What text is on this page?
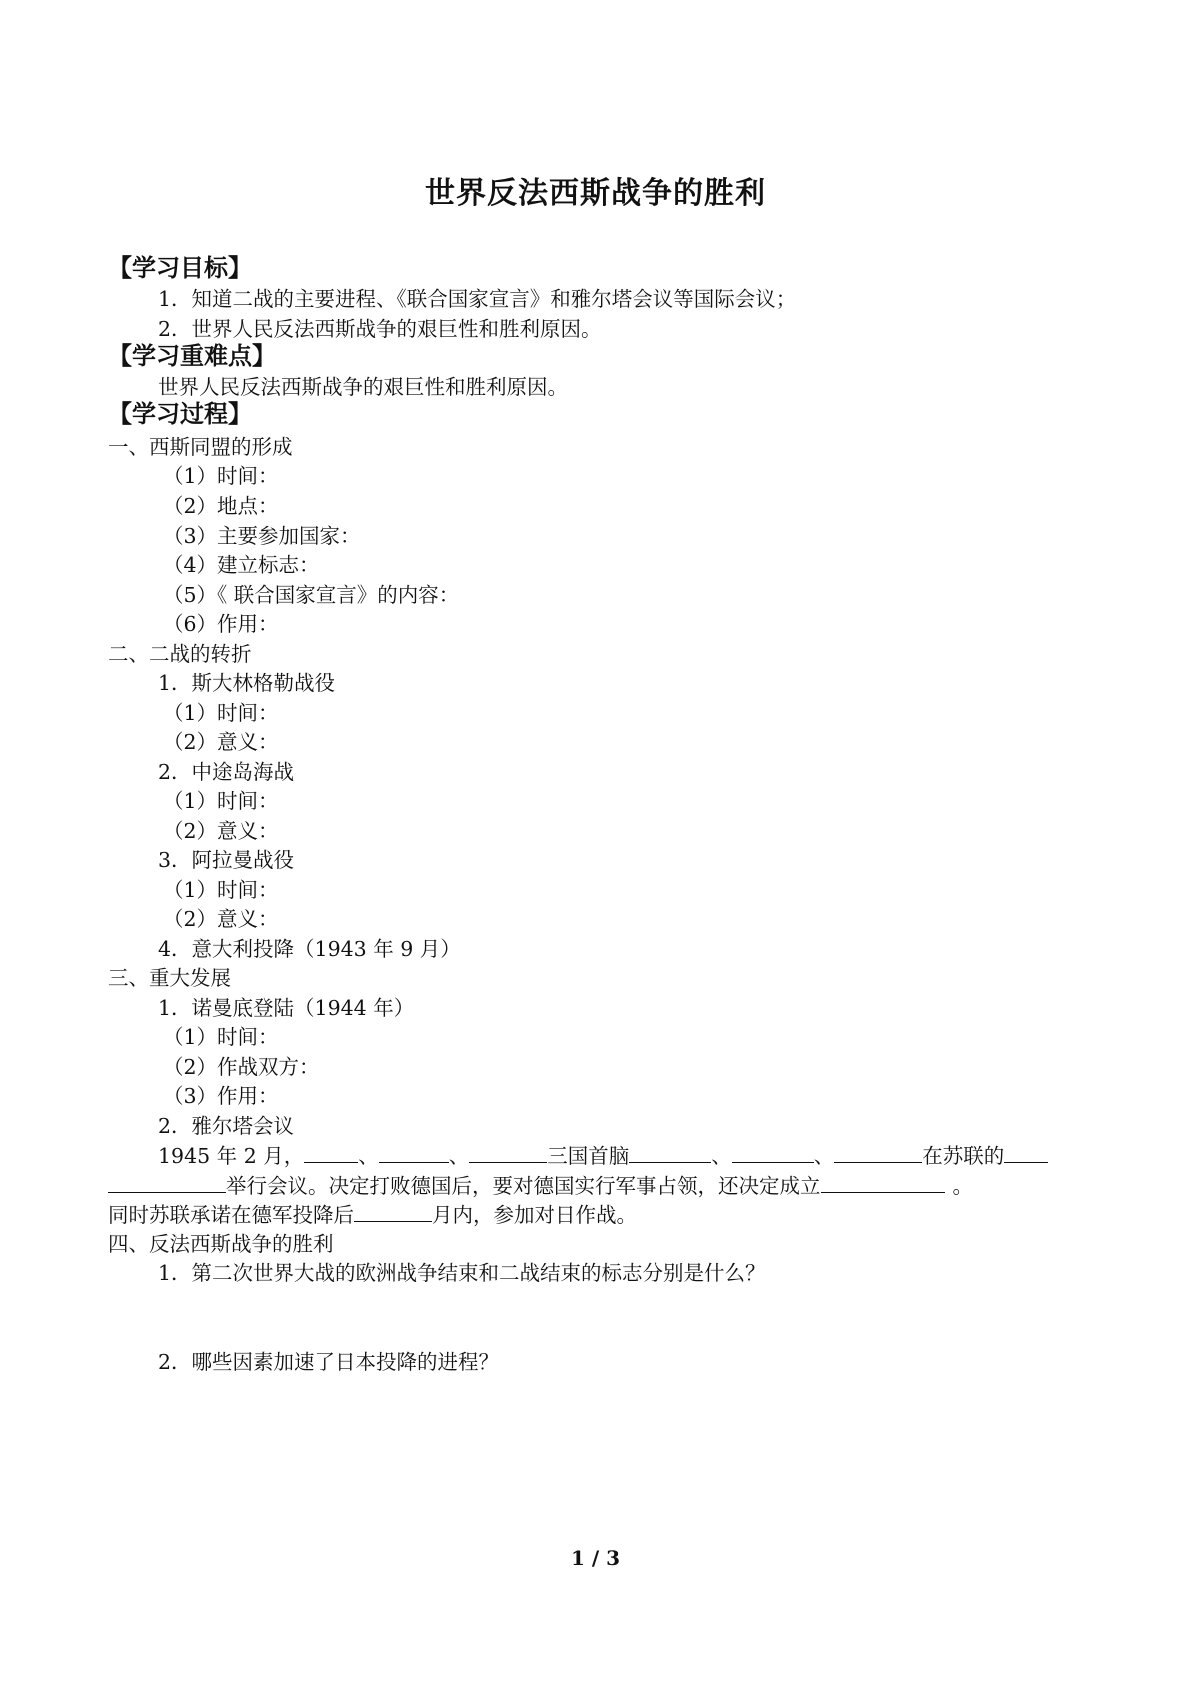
世界反法西斯战争的胜利
【学习目标】
1．知道二战的主要进程、《联合国家宣言》和雅尔塔会议等国际会议；
2．世界人民反法西斯战争的艰巨性和胜利原因。
【学习重难点】
世界人民反法西斯战争的艰巨性和胜利原因。
【学习过程】
一、西斯同盟的形成
（1）时间：
（2）地点：
（3）主要参加国家：
（4）建立标志：
（5）《 联合国家宣言》的内容：
（6）作用：
二、二战的转折
1．斯大林格勒战役
（1）时间：
（2）意义：
2．中途岛海战
（1）时间：
（2）意义：
3．阿拉曼战役
（1）时间：
（2）意义：
4．意大利投降（1943 年 9 月）
三、重大发展
1．诺曼底登陆（1944 年）
（1）时间：
（2）作战双方：
（3）作用：
2．雅尔塔会议
1945 年 2 月，	、	、	三国首脑	、	、	在苏联的
举行会议。决定打败德国后，要对德国实行军事占领，还决定成立	。
同时苏联承诺在德军投降后	月内，参加对日作战。
四、反法西斯战争的胜利
1．第二次世界大战的欧洲战争结束和二战结束的标志分别是什么？
2．哪些因素加速了日本投降的进程？
1 / 3
